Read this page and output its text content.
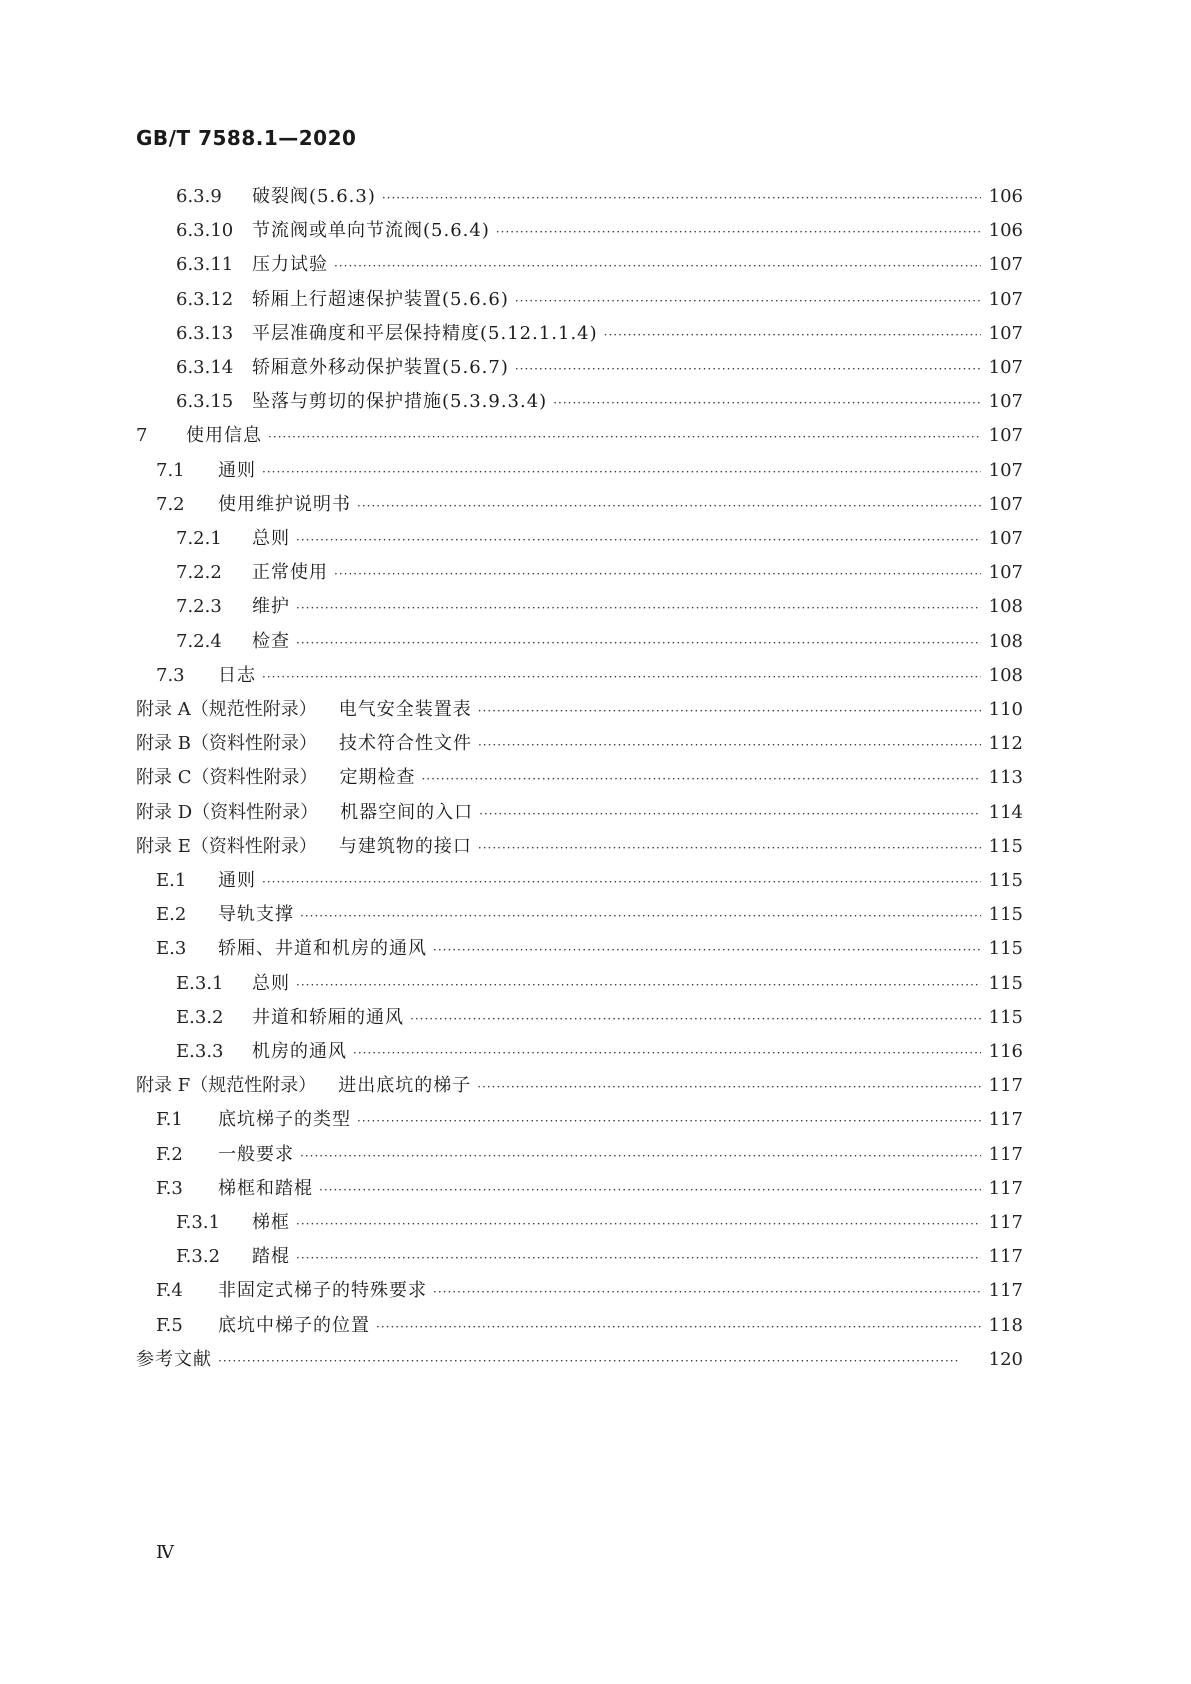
GB/T 7588.1—2020
6.3.9	破裂阀(5.6.3) ·····	106
6.3.10 节流阀或单向节流阀(5.6.4) ·····	106
6.3.11 压力试验 ·····	107
6.3.12 轿厢上行超速保护装置(5.6.6) ·····	107
6.3.13 平层准确度和平层保持精度(5.12.1.1.4) ·····	107
6.3.14 轿厢意外移动保护装置(5.6.7) ·····	107
6.3.15 坠落与剪切的保护措施(5.3.9.3.4) ·····	107
7	使用信息 ·····	107
7.1	通则 ·····	107
7.2	使用维护说明书 ·····	107
7.2.1	总则 ·····	107
7.2.2	正常使用 ·····	107
7.2.3	维护 ·····	108
7.2.4	检查 ·····	108
7.3	日志 ·····	108
附录 A（规范性附录） 电气安全装置表 ·····	110
附录 B（资料性附录） 技术符合性文件 ·····	112
附录 C（资料性附录） 定期检查 ·····	113
附录 D（资料性附录） 机器空间的入口 ·····	114
附录 E（资料性附录） 与建筑物的接口 ·····	115
E.1	通则 ·····	115
E.2	导轨支撑 ·····	115
E.3	轿厢、井道和机房的通风 ·····	115
E.3.1	总则 ·····	115
E.3.2	井道和轿厢的通风 ·····	115
E.3.3	机房的通风 ·····	116
附录 F（规范性附录） 进出底坑的梯子 ·····	117
F.1	底坑梯子的类型 ·····	117
F.2	一般要求 ·····	117
F.3	梯框和踏棍 ·····	117
F.3.1	梯框 ·····	117
F.3.2	踏棍 ·····	117
F.4	非固定式梯子的特殊要求 ·····	117
F.5	底坑中梯子的位置 ·····	118
参考文献 ·····	120
Ⅳ
